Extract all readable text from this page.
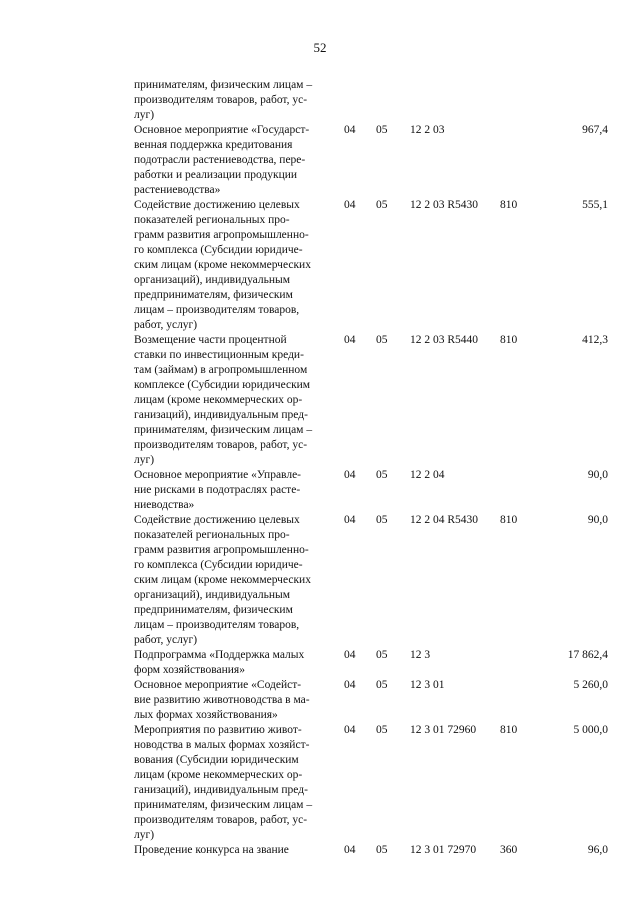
52
принимателям, физическим лицам –
производителям товаров, работ, ус-
луг)
Основное мероприятие «Государст-
венная поддержка кредитования
подотрасли растениеводства, пере-
работки и реализации продукции
растениеводства»
04 05 12 2 03	967,4
Содействие достижению целевых
показателей региональных про-
грамм развития агропромышленно-
го комплекса (Субсидии юридиче-
ским лицам (кроме некоммерческих
организаций), индивидуальным
предпринимателям, физическим
лицам – производителям товаров,
работ, услуг)
04 05 12 2 03 R5430 810	555,1
Возмещение части процентной
ставки по инвестиционным креди-
там (займам) в агропромышленном
комплексе (Субсидии юридическим
лицам (кроме некоммерческих ор-
ганизаций), индивидуальным пред-
принимателям, физическим лицам –
производителям товаров, работ, ус-
луг)
04 05 12 2 03 R5440 810	412,3
Основное мероприятие «Управле-
ние рисками в подотраслях расте-
ниеводства»
04 05 12 2 04	90,0
Содействие достижению целевых
показателей региональных про-
грамм развития агропромышленно-
го комплекса (Субсидии юридиче-
ским лицам (кроме некоммерческих
организаций), индивидуальным
предпринимателям, физическим
лицам – производителям товаров,
работ, услуг)
04 05 12 2 04 R5430 810	90,0
Подпрограмма «Поддержка малых
форм хозяйствования»
04 05 12 3	17 862,4
Основное мероприятие «Содейст-
вие развитию животноводства в ма-
лых формах хозяйствования»
04 05 12 3 01	5 260,0
Мероприятия по развитию живот-
новодства в малых формах хозяйст-
вования (Субсидии юридическим
лицам (кроме некоммерческих ор-
ганизаций), индивидуальным пред-
принимателям, физическим лицам –
производителям товаров, работ, ус-
луг)
04 05 12 3 01 72960 810	5 000,0
Проведение конкурса на звание	04 05 12 3 01 72970 360	96,0
